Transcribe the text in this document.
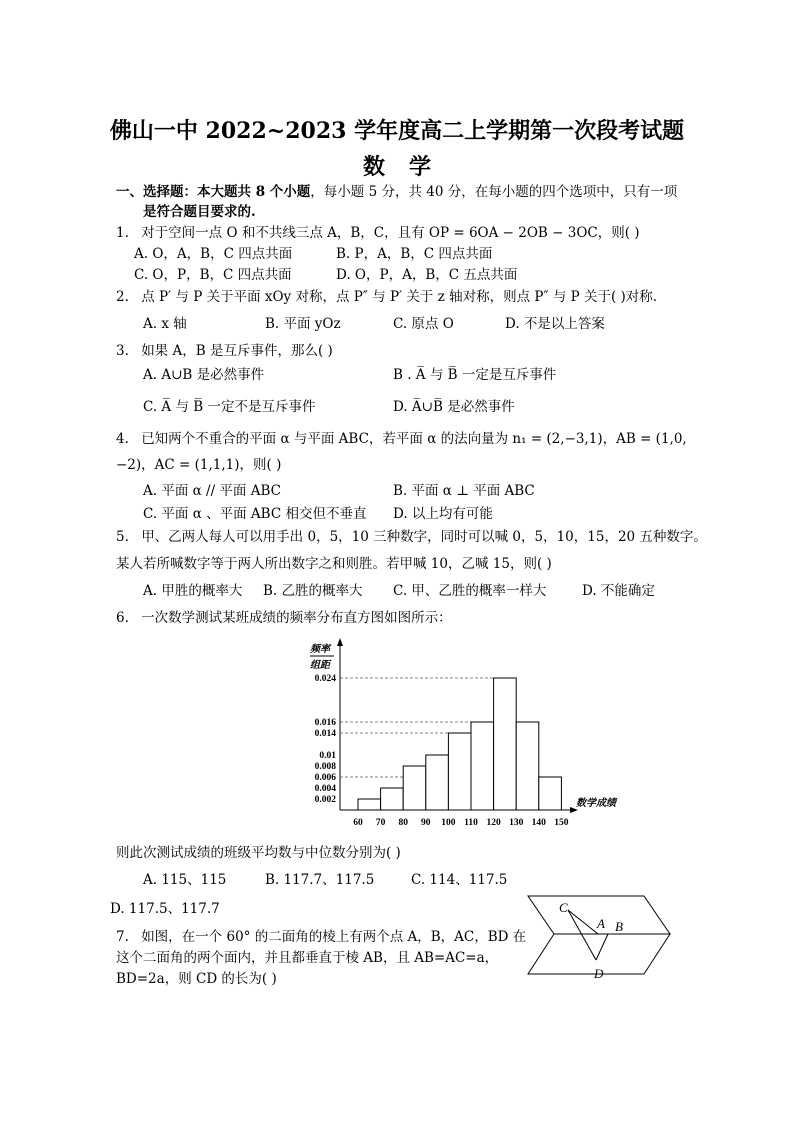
佛山一中 2022~2023 学年度高二上学期第一次段考试题
数学
一、选择题：本大题共 8 个小题，每小题 5 分，共 40 分，在每小题的四个选项中，只有一项
是符合题目要求的.
1. 对于空间一点 O 和不共线三点 A，B，C，且有 OP = 6OA − 2OB − 3OC，则( )
A. O，A，B，C 四点共面	B. P，A，B，C 四点共面
C. O，P，B，C 四点共面	D. O，P，A，B，C 五点共面
2. 点 P′ 与 P 关于平面 xOy 对称，点 P″ 与 P′ 关于 z 轴对称，则点 P″ 与 P 关于( )对称.
A. x 轴	B. 平面 yOz	C. 原点 O	D. 不是以上答案
3. 如果 A，B 是互斥事件，那么( )
A. A∪B 是必然事件	B . A̅ 与 B̅ 一定是互斥事件
C. A̅ 与 B̅ 一定不是互斥事件	D. A̅∪B̅ 是必然事件
4. 已知两个不重合的平面 α 与平面 ABC，若平面 α 的法向量为 n₁ = (2,−3,1)，AB = (1,0,
−2)，AC = (1,1,1)，则( )
A. 平面 α // 平面 ABC	B. 平面 α ⊥ 平面 ABC
C. 平面 α 、平面 ABC 相交但不垂直 D. 以上均有可能
5. 甲、乙两人每人可以用手出 0，5，10 三种数字，同时可以喊 0，5，10，15，20 五种数字。
某人若所喊数字等于两人所出数字之和则胜。若甲喊 10，乙喊 15，则( )
A. 甲胜的概率大 B. 乙胜的概率大 C. 甲、乙胜的概率一样大	D. 不能确定
6. 一次数学测试某班成绩的频率分布直方图如图所示：
频率
组距
数学成绩
0.024
0.016
0.014
0.01
0.008
0.006
0.004
0.002
60 70 80 90 100 110 120 130 140 150
则此次测试成绩的班级平均数与中位数分别为( )
A. 115、115	B. 117.7、117.5	C. 114、117.5
D. 117.5、117.7
7. 如图，在一个 60° 的二面角的棱上有两个点 A，B，AC，BD 在
这个二面角的两个面内，并且都垂直于棱 AB，且 AB=AC=a，
BD=2a，则 CD 的长为( )
C
A B
D
